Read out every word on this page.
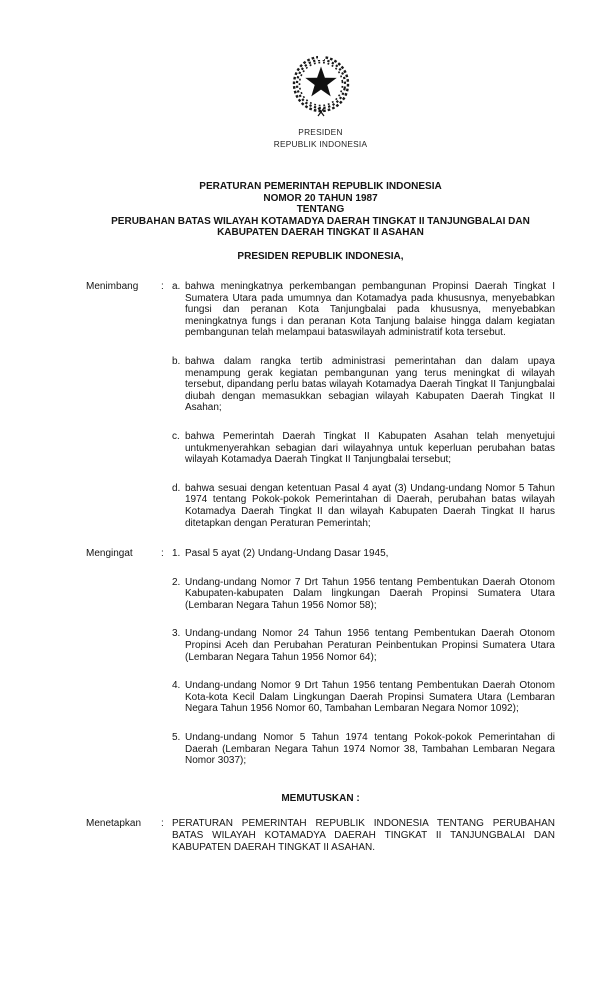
PRESIDEN
REPUBLIK INDONESIA
PERATURAN PEMERINTAH REPUBLIK INDONESIA
NOMOR 20 TAHUN 1987
TENTANG
PERUBAHAN BATAS WILAYAH KOTAMADYA DAERAH TINGKAT II TANJUNGBALAI DAN
KABUPATEN DAERAH TINGKAT II ASAHAN
PRESIDEN REPUBLIK INDONESIA,
Menimbang	: a. bahwa meningkatnya perkembangan pembangunan Propinsi Daerah Tingkat I Sumatera Utara pada umumnya dan Kotamadya pada khususnya, menyebabkan fungsi dan peranan Kota Tanjungbalai pada khususnya, menyebabkan meningkatnya fungs i dan peranan Kota Tanjung balaise hingga dalam kegiatan pembangunan telah melampaui bataswilayah administratif kota tersebut.
b. bahwa dalam rangka tertib administrasi pemerintahan dan dalam upaya menampung gerak kegiatan pembangunan yang terus meningkat di wilayah tersebut, dipandang perlu batas wilayah Kotamadya Daerah Tingkat II Tanjungbalai diubah dengan memasukkan sebagian wilayah Kabupaten Daerah Tingkat II Asahan;
c. bahwa Pemerintah Daerah Tingkat II Kabupaten Asahan telah menyetujui untukmenyerahkan sebagian dari wilayahnya untuk keperluan perubahan batas wilayah Kotamadya Daerah Tingkat II Tanjungbalai tersebut;
d. bahwa sesuai dengan ketentuan Pasal 4 ayat (3) Undang-undang Nomor 5 Tahun 1974 tentang Pokok-pokok Pemerintahan di Daerah, perubahan batas wilayah Kotamadya Daerah Tingkat II dan wilayah Kabupaten Daerah Tingkat II harus ditetapkan dengan Peraturan Pemerintah;
Mengingat	: 1. Pasal 5 ayat (2) Undang-Undang Dasar 1945,
2. Undang-undang Nomor 7 Drt Tahun 1956 tentang Pembentukan Daerah Otonom Kabupaten-kabupaten Dalam lingkungan Daerah Propinsi Sumatera Utara (Lembaran Negara Tahun 1956 Nomor 58);
3. Undang-undang Nomor 24 Tahun 1956 tentang Pembentukan Daerah Otonom Propinsi Aceh dan Perubahan Peraturan Peinbentukan Propinsi Sumatera Utara (Lembaran Negara Tahun 1956 Nomor 64);
4. Undang-undang Nomor 9 Drt Tahun 1956 tentang Pembentukan Daerah Otonom Kota-kota Kecil Dalam Lingkungan Daerah Propinsi Sumatera Utara (Lembaran Negara Tahun 1956 Nomor 60, Tambahan Lembaran Negara Nomor 1092);
5. Undang-undang Nomor 5 Tahun 1974 tentang Pokok-pokok Pemerintahan di Daerah (Lembaran Negara Tahun 1974 Nomor 38, Tambahan Lembaran Negara Nomor 3037);
MEMUTUSKAN :
Menetapkan	: PERATURAN PEMERINTAH REPUBLIK INDONESIA TENTANG PERUBAHAN BATAS WILAYAH KOTAMADYA DAERAH TINGKAT II TANJUNGBALAI DAN KABUPATEN DAERAH TINGKAT II ASAHAN.
